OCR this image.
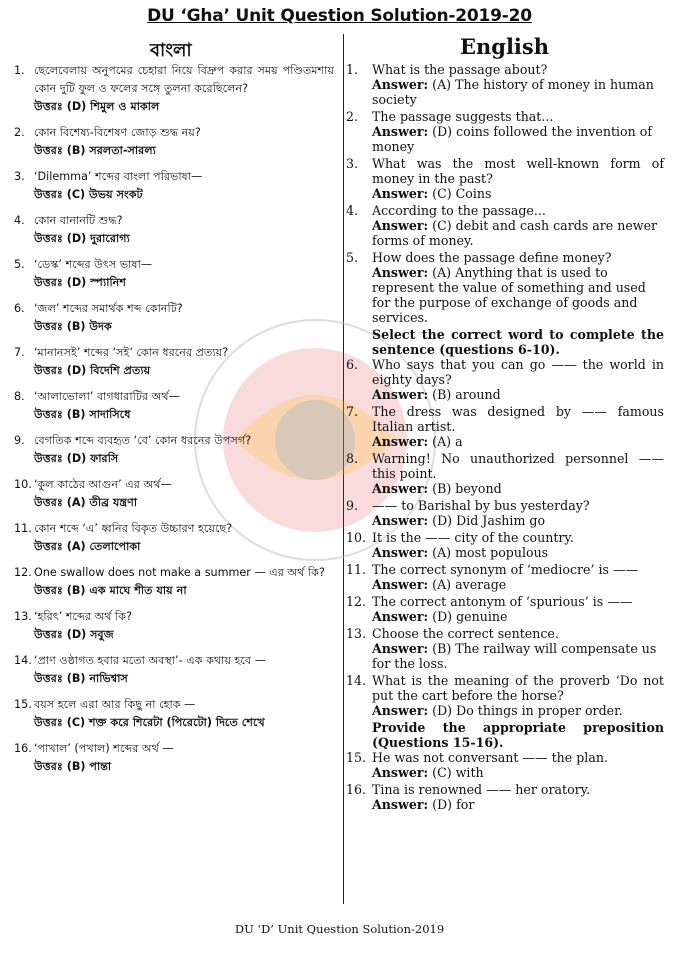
DU ‘Gha’ Unit Question Solution-2019-20
বাংলা	English
1. ছেলেবেলায় অনুপমের চেহারা নিয়ে বিদ্রুপ করার সময় পণ্ডিতমশায় কোন দুটি ফুল ও ফলের সঙ্গে তুলনা করেছিলেন?
উত্তরঃ (D) শিমুল ও মাকাল
2. কোন বিশেষ্য-বিশেষণ জোড় শুদ্ধ নয়?
উত্তরঃ (B) সরলতা-সারল্য
3. ‘Dilemma’ শব্দের বাংলা পরিভাষা—
উত্তরঃ (C) উভয় সংকট
4. কোন বানানটি শুদ্ধ?
উত্তরঃ (D) দুরারোগ্য
5. ‘ডেস্ক’ শব্দের উৎস ভাষা—
উত্তরঃ (D) স্প্যানিশ
6. ‘জল’ শব্দের সমার্থক শব্দ কোনটি?
উত্তরঃ (B) উদক
7. ‘মানানসই’ শব্দের ‘সই’ কোন ধরনের প্রত্যয়?
উত্তরঃ (D) বিদেশি প্রত্যয়
8. ‘আলাভোলা’ বাগধারাটির অর্থ—
উত্তরঃ (B) সাদাসিধে
9. বেগতিক শব্দে ব্যবহৃত ‘বে’ কোন ধরনের উপসর্গ?
উত্তরঃ (D) ফারসি
10. ‘কুল কাঠের আগুন’ এর অর্থ—
উত্তরঃ (A) তীব্র যন্ত্রণা
11. কোন শব্দে ‘এ’ ধ্বনির বিকৃত উচ্চারণ হয়েছে?
উত্তরঃ (A) তেলাপোকা
12. One swallow does not make a summer — এর অর্থ কি?
উত্তরঃ (B) এক মাঘে শীত যায় না
13. ‘হরিৎ’ শব্দের অর্থ কি?
উত্তরঃ (D) সবুজ
14. ‘প্রাণ ওষ্ঠাগত হবার মতো অবস্থা’- এক কথায় হবে —
উত্তরঃ (B) নাভিশ্বাস
15. বয়স হলে এরা আর কিছু না হোক —
উত্তরঃ (C) শক্ত করে শিরেটা (পিরেটো) দিতে শেখে
16. ‘পাখাল’ (পখাল) শব্দের অর্থ —
উত্তরঃ (B) পান্তা
1.	What is the passage about?
Answer: (A) The history of money in human society
2.	The passage suggests that...
Answer: (D) coins followed the invention of money
3.	What was the most well-known form of money in the past?
Answer: (C) Coins
4.	According to the passage...
Answer: (C) debit and cash cards are newer forms of money.
5.	How does the passage define money?
Answer: (A) Anything that is used to represent the value of something and used for the purpose of exchange of goods and services.
Select the correct word to complete the sentence (questions 6-10).
6.	Who says that you can go —— the world in eighty days?
Answer: (B) around
7.	The dress was designed by —— famous Italian artist.
Answer: (A) a
8.	Warning! No unauthorized personnel —— this point.
Answer: (B) beyond
9.	—— to Barishal by bus yesterday?
Answer: (D) Did Jashim go
10. It is the —— city of the country.
Answer: (A) most populous
11. The correct synonym of ‘mediocre’ is ——
Answer: (A) average
12. The correct antonym of ‘spurious’ is ——
Answer: (D) genuine
13. Choose the correct sentence.
Answer: (B) The railway will compensate us for the loss.
14. What is the meaning of the proverb ‘Do not put the cart before the horse?
Answer: (D) Do things in proper order.
Provide the appropriate preposition (Questions 15-16).
15. He was not conversant —— the plan.
Answer: (C) with
16. Tina is renowned —— her oratory.
Answer: (D) for
DU ‘D’ Unit Question Solution-2019
